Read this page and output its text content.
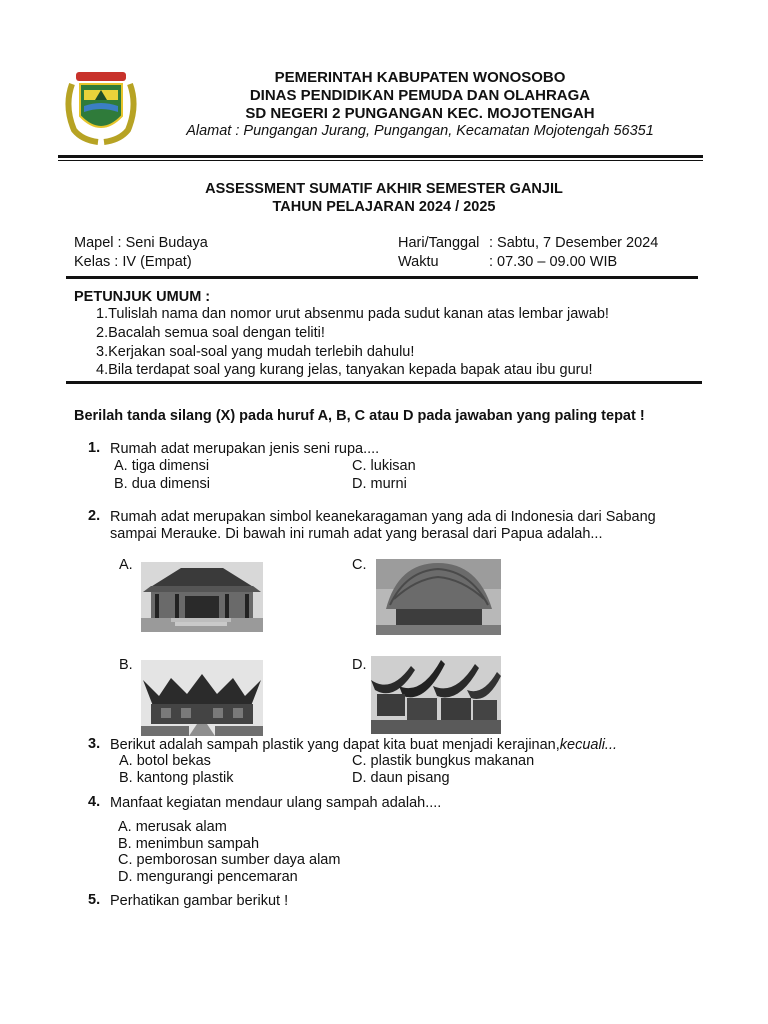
PEMERINTAH KABUPATEN WONOSOBO
DINAS PENDIDIKAN PEMUDA DAN OLAHRAGA
SD NEGERI 2 PUNGANGAN KEC. MOJOTENGAH
Alamat : Pungangan Jurang, Pungangan, Kecamatan Mojotengah 56351
ASSESSMENT SUMATIF AKHIR SEMESTER GANJIL
TAHUN PELAJARAN 2024 / 2025
Mapel : Seni Budaya
Kelas : IV (Empat)
Hari/Tanggal : Sabtu, 7 Desember 2024
Waktu	: 07.30 – 09.00 WIB
PETUNJUK UMUM :
1.Tulislah nama dan nomor urut absenmu pada sudut kanan atas lembar jawab!
2.Bacalah semua soal dengan teliti!
3.Kerjakan soal-soal yang mudah terlebih dahulu!
4.Bila terdapat soal yang kurang jelas, tanyakan kepada bapak atau ibu guru!
Berilah tanda silang (X) pada huruf A, B, C atau D pada jawaban yang paling tepat !
1. Rumah adat merupakan jenis seni rupa....
A. tiga dimensi
B. dua dimensi
C. lukisan
D. murni
2. Rumah adat merupakan simbol keanekaragaman yang ada di Indonesia dari Sabang
sampai Merauke. Di bawah ini rumah adat yang berasal dari Papua adalah...
A.	C.
B.	D.
3. Berikut adalah sampah plastik yang dapat kita buat menjadi kerajinan,kecuali...
A. botol bekas
B. kantong plastik
C. plastik bungkus makanan
D. daun pisang
4. Manfaat kegiatan mendaur ulang sampah adalah....
A. merusak alam
B. menimbun sampah
C. pemborosan sumber daya alam
D. mengurangi pencemaran
5. Perhatikan gambar berikut !
